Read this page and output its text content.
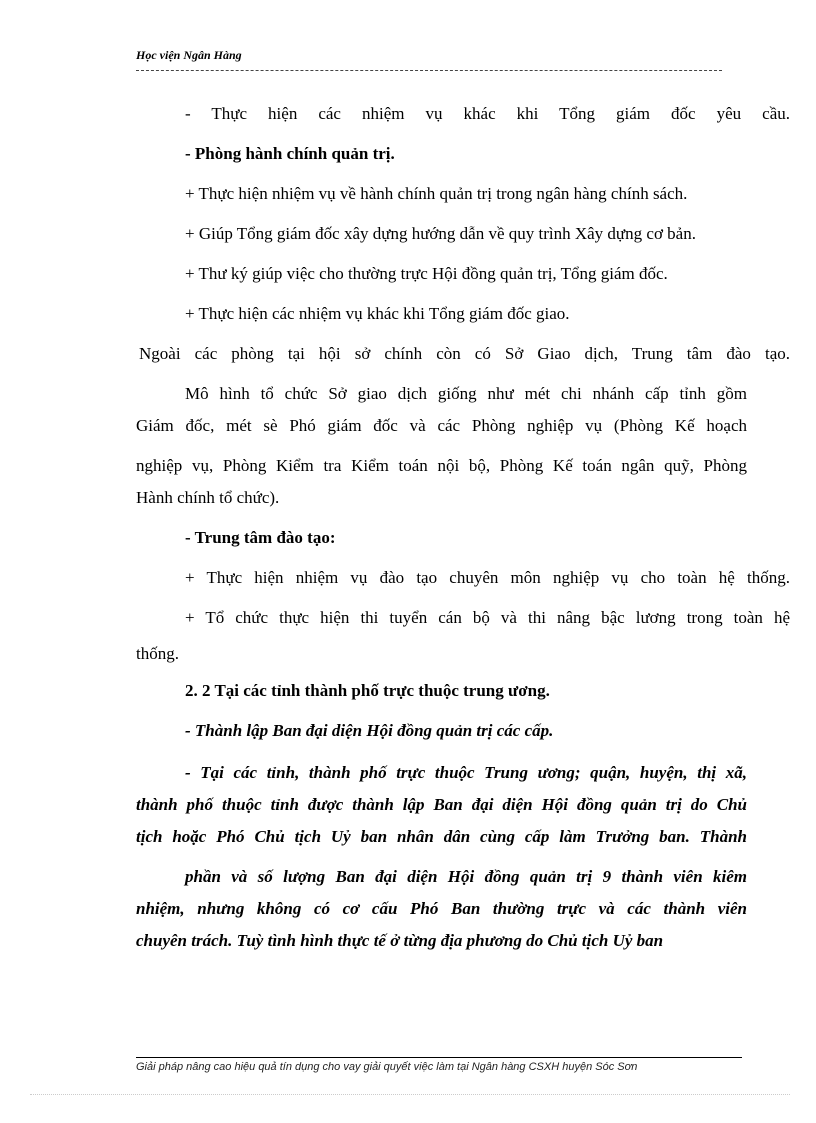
Học viện Ngân Hàng
- Thực hiện các nhiệm vụ khác khi Tổng giám đốc yêu cầu.
- Phòng hành chính quản trị.
+ Thực hiện nhiệm vụ về hành chính quản trị trong ngân hàng chính sách.
+ Giúp Tổng giám đốc xây dựng hướng dẫn về quy trình Xây dựng cơ bản.
+ Thư ký giúp việc cho thường trực Hội đồng quản trị, Tổng giám đốc.
+ Thực hiện các nhiệm vụ khác khi Tổng giám đốc giao.
Ngoài các phòng tại hội sở chính còn có Sở Giao dịch, Trung tâm đào tạo.
Mô hình tổ chức Sở giao dịch giống như mét chi nhánh cấp tỉnh gồm
Giám đốc, mét sè Phó giám đốc và các Phòng nghiệp vụ (Phòng Kế hoạch
nghiệp vụ, Phòng Kiểm tra Kiểm toán nội bộ, Phòng Kế toán ngân quỹ, Phòng
Hành chính tổ chức).
- Trung tâm đào tạo:
+ Thực hiện nhiệm vụ đào tạo chuyên môn nghiệp vụ cho toàn hệ thống.
+ Tổ chức thực hiện thi tuyển cán bộ và thi nâng bậc lương trong toàn hệ
thống.
2. 2 Tại các tỉnh thành phố trực thuộc trung ương.
- Thành lập Ban đại diện Hội đồng quản trị các cấp.
- Tại các tỉnh, thành phố trực thuộc Trung ương; quận, huyện, thị xã,
thành phố thuộc tỉnh được thành lập Ban đại diện Hội đồng quản trị do Chủ
tịch hoặc Phó Chủ tịch Uỷ ban nhân dân cùng cấp làm Trưởng ban. Thành
phần và số lượng Ban đại diện Hội đồng quản trị 9 thành viên kiêm
nhiệm, nhưng không có cơ cấu Phó Ban thường trực và các thành viên
chuyên trách. Tuỳ tình hình thực tế ở từng địa phương do Chủ tịch Uỷ ban
Giải pháp nâng cao hiệu quả tín dụng cho vay giải quyết việc làm tại Ngân hàng CSXH huyện Sóc Sơn
